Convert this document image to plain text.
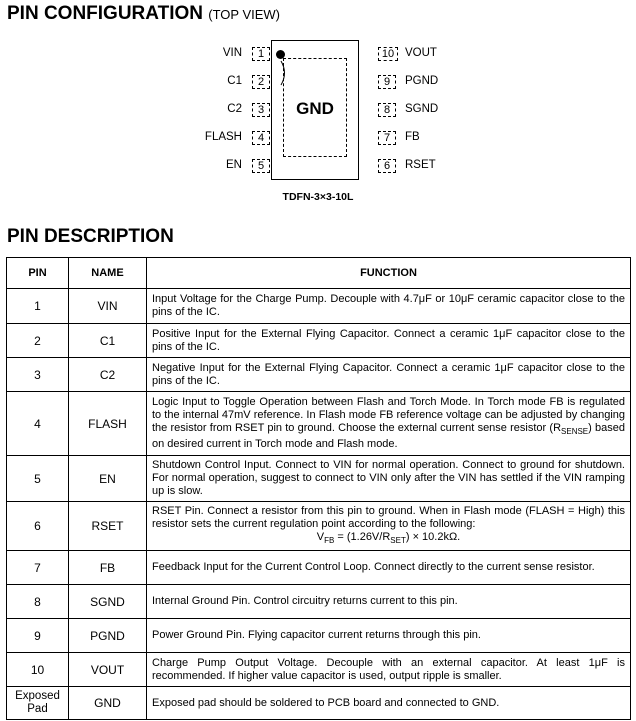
PIN CONFIGURATION (TOP VIEW)
GND
1
2
3
4
5
VIN
C1
C2
FLASH
EN
10
9
8
7
6
VOUT
PGND
SGND
FB
RSET
TDFN-3×3-10L
PIN DESCRIPTION
PIN	NAME	FUNCTION
1	VIN	Input Voltage for the Charge Pump. Decouple with 4.7μF or 10μF ceramic capacitor close to the pins of the IC.
2	C1	Positive Input for the External Flying Capacitor. Connect a ceramic 1μF capacitor close to the pins of the IC.
3	C2	Negative Input for the External Flying Capacitor. Connect a ceramic 1μF capacitor close to the pins of the IC.
4	FLASH	Logic Input to Toggle Operation between Flash and Torch Mode. In Torch mode FB is regulated to the internal 47mV reference. In Flash mode FB reference voltage can be adjusted by changing the resistor from RSET pin to ground. Choose the external current sense resistor $(R_{SENSE})$ based on desired current in Torch mode and Flash mode.
5	EN	Shutdown Control Input. Connect to VIN for normal operation. Connect to ground for shutdown. For normal operation, suggest to connect to VIN only after the VIN has settled if the VIN ramping up is slow.
6	RSET	RSET Pin. Connect a resistor from this pin to ground. When in Flash mode (FLASH = High) this resistor sets the current regulation point according to the following:
$V_{FB} = (1.26V/R_{SET}) \times 10.2k\Omega$.

7	FB	Feedback Input for the Current Control Loop. Connect directly to the current sense resistor.
8	SGND	Internal Ground Pin. Control circuitry returns current to this pin.
9	PGND	Power Ground Pin. Flying capacitor current returns through this pin.
10	VOUT	Charge Pump Output Voltage. Decouple with an external capacitor. At least 1μF is recommended. If higher value capacitor is used, output ripple is smaller.

Exposed
Pad	GND	Exposed pad should be soldered to PCB board and connected to GND.
